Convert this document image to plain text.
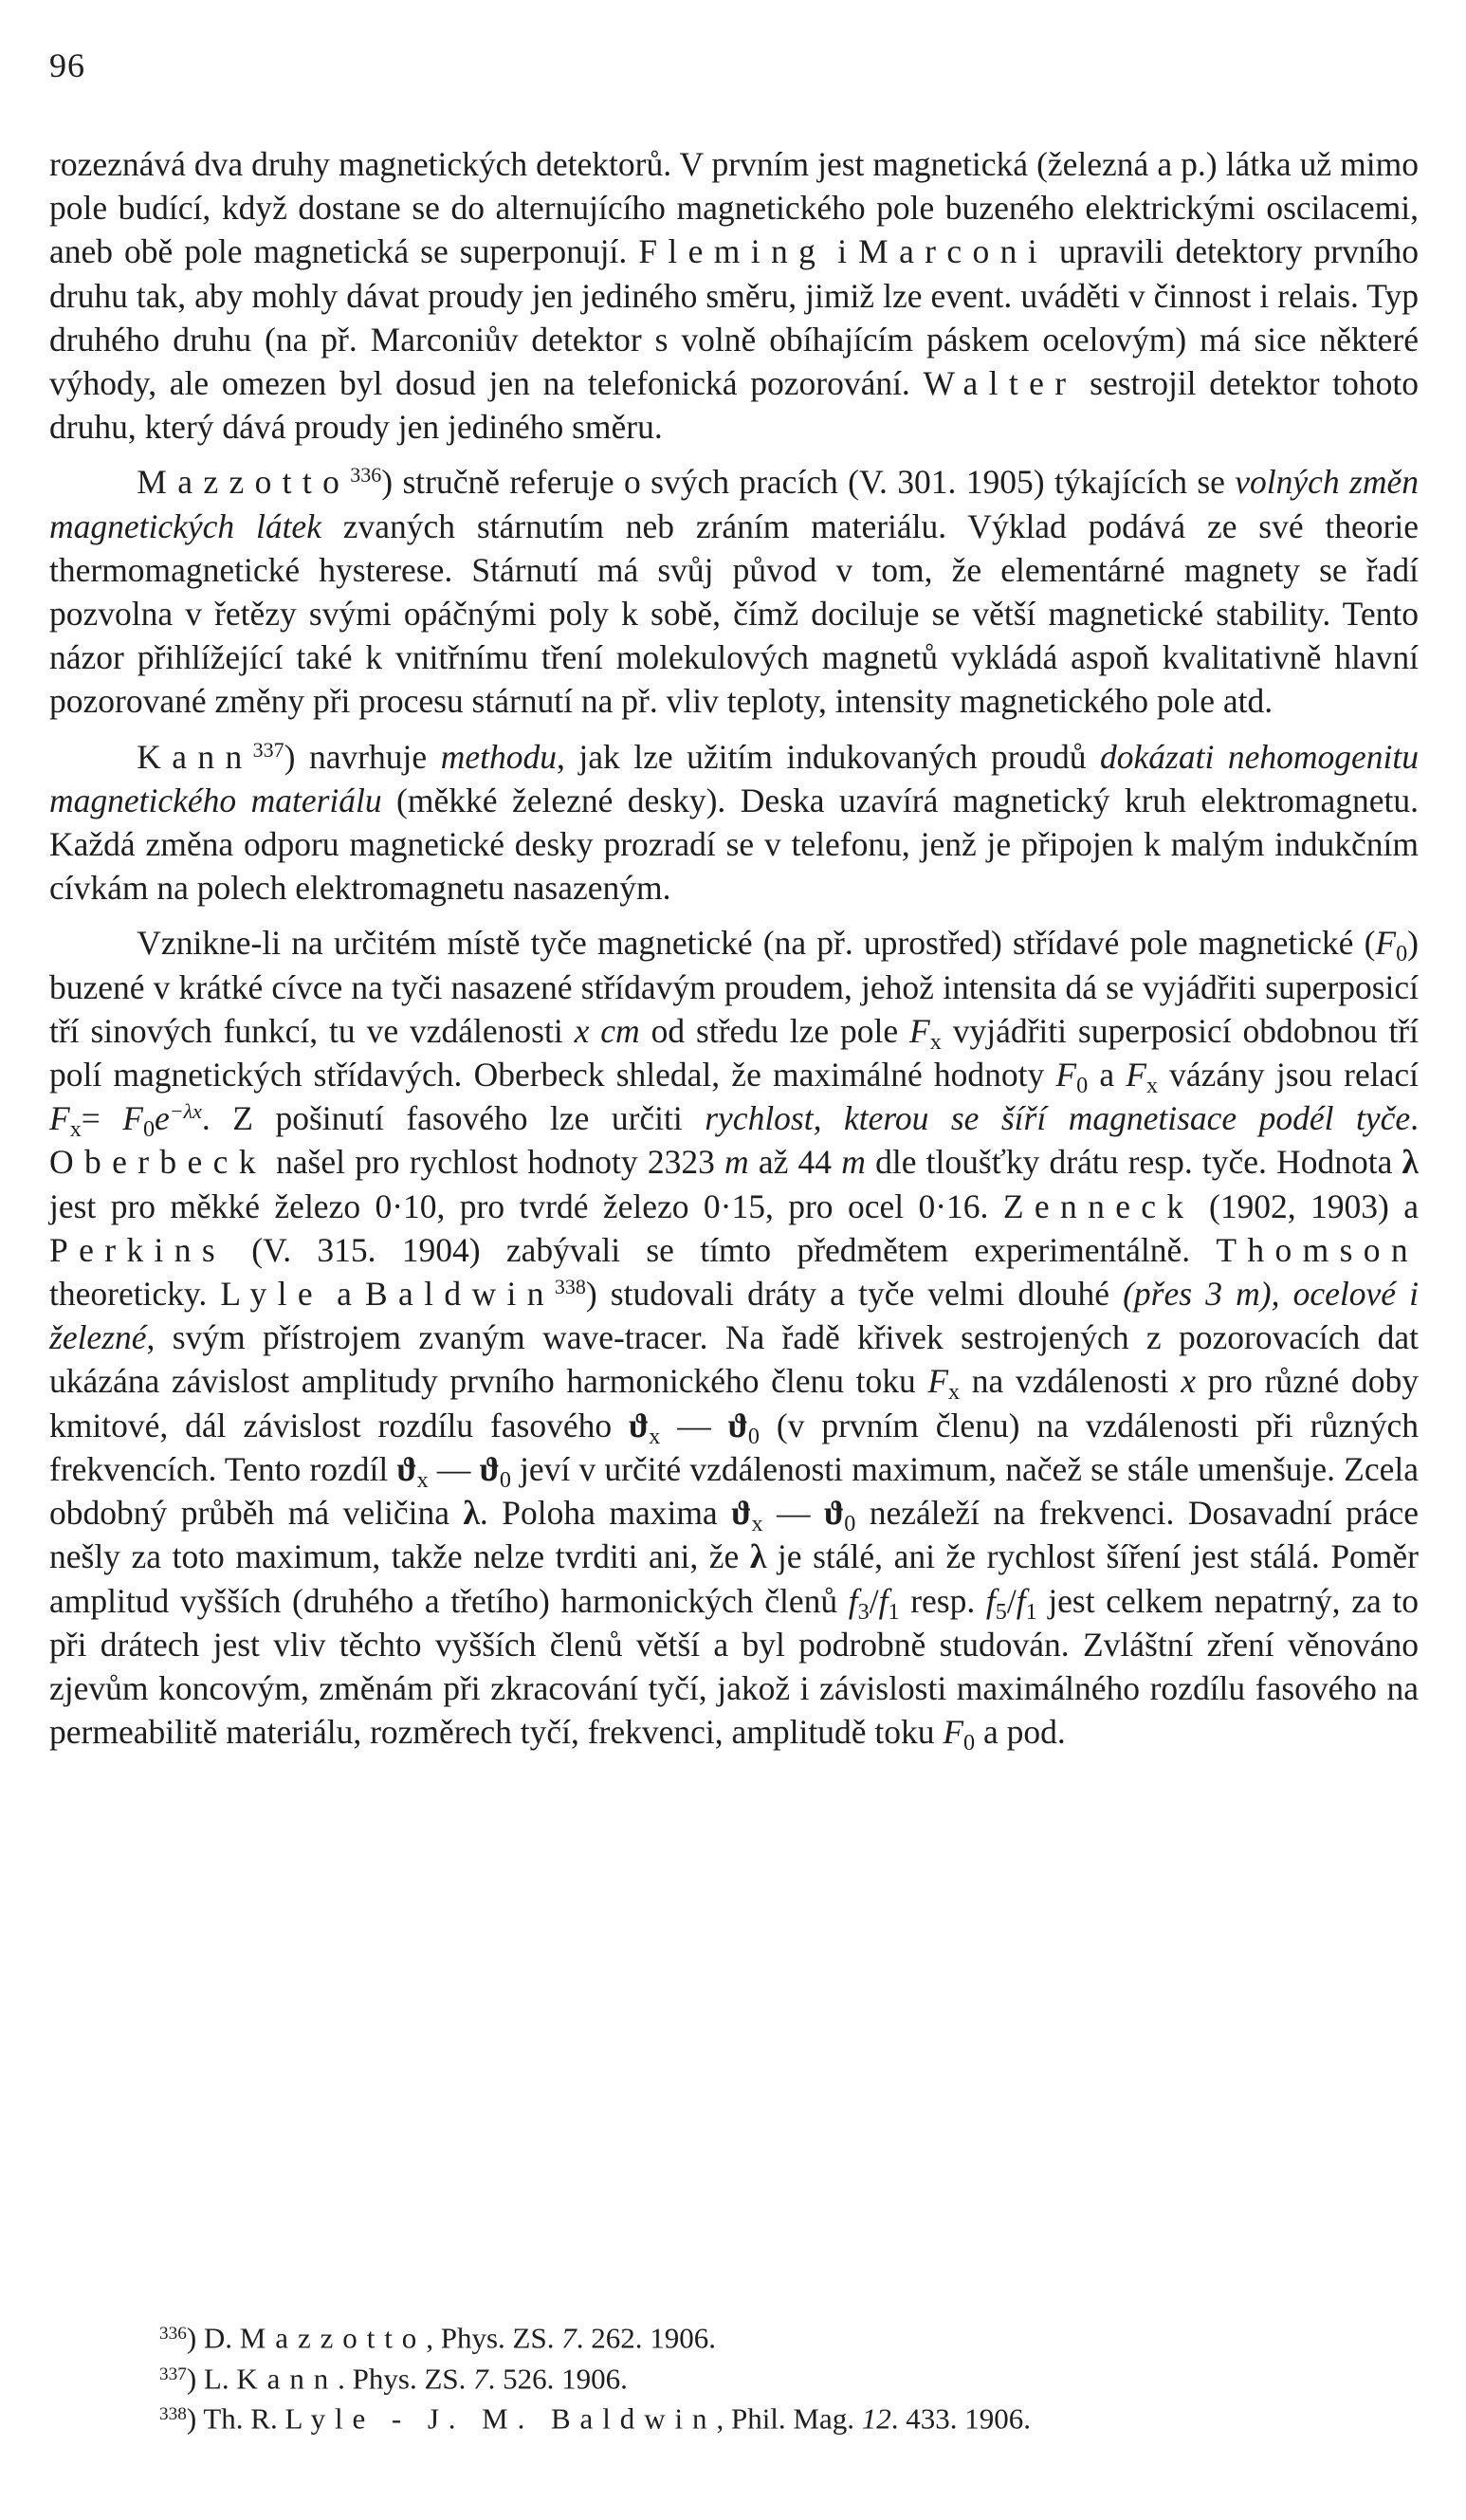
96

rozeznává dva druhy magnetických detektorů. V prvním jest magnetická (železná a p.) látka už mimo pole budící, když dostane se do alternujícího magnetického pole buzeného elektrickými oscilacemi, aneb obě pole magnetická se superponují. Fleming i Marconi upravili detektory prvního druhu tak, aby mohly dávat proudy jen jediného směru, jimiž lze event. uváděti v činnost i relais. Typ druhého druhu (na př. Marconiův detektor s volně obíhajícím páskem ocelovým) má sice některé výhody, ale omezen byl dosud jen na telefonická pozorování. Walter sestrojil detektor tohoto druhu, který dává proudy jen jediného směru.

Mazzotto$^{336}$) stručně referuje o svých pracích (V. 301. 1905) týkajících se volných změn magnetických látek zvaných stárnutím neb zráním materiálu. Výklad podává ze své theorie thermomagnetické hysterese. Stárnutí má svůj původ v tom, že elementárné magnety se řadí pozvolna v řetězy svými opáčnými poly k sobě, čímž dociluje se větší magnetické stability. Tento názor přihlížející také k vnitřnímu tření molekulových magnetů vykládá aspoň kvalitativně hlavní pozorované změny při procesu stárnutí na př. vliv teploty, intensity magnetického pole atd.

Kann$^{337}$) navrhuje methodu, jak lze užitím indukovaných proudů dokázati nehomogenitu magnetického materiálu (měkké železné desky). Deska uzavírá magnetický kruh elektromagnetu. Každá změna odporu magnetické desky prozradí se v telefonu, jenž je připojen k malým indukčním cívkám na polech elektromagnetu nasazeným.

Vznikne-li na určitém místě tyče magnetické (na př. uprostřed) střídavé pole magnetické $(F_0)$ buzené v krátké cívce na tyči nasazené střídavým proudem, jehož intensita dá se vyjádřiti superposicí tří sinových funkcí, tu ve vzdálenosti x cm od středu lze pole $F_x$ vyjádřiti superposicí obdobnou tří polí magnetických střídavých. Oberbeck shledal, že maximálné hodnoty $F_0$ a $F_x$ vázány jsou relací $F_x= F_0e^{-\lambda x}$. Z pošinutí fasového lze určiti rychlost, kterou se šíří magnetisace podél tyče. Oberbeck našel pro rychlost hodnoty 2323 m až 44 m dle tloušťky drátu resp. tyče. Hodnota λ jest pro měkké železo 0·10, pro tvrdé železo 0·15, pro ocel 0·16. Zenneck (1902, 1903) a Perkins (V. 315. 1904) zabývali se tímto předmětem experimentálně. Thomson theoreticky. Lyle a Baldwin$^{338}$) studovali dráty a tyče velmi dlouhé (přes 3 m), ocelové i železné, svým přístrojem zvaným wave-tracer. Na řadě křivek sestrojených z pozorovacích dat ukázána závislost amplitudy prvního harmonického členu toku $F_x$ na vzdálenosti x pro různé doby kmitové, dál závislost rozdílu fasového $ϑ_x$ — $ϑ_0$ (v prvním členu) na vzdálenosti při různých frekvencích. Tento rozdíl $ϑ_x$ — $ϑ_0$ jeví v určité vzdálenosti maximum, načež se stále umenšuje. Zcela obdobný průběh má veličina λ. Poloha maxima $ϑ_x$ — $ϑ_0$ nezáleží na frekvenci. Dosavadní práce nešly za toto maximum, takže nelze tvrditi ani, že λ je stálé, ani že rychlost šíření jest stálá. Poměr amplitud vyšších (druhého a třetího) harmonických členů $f_3/f_1$ resp. $f_5/f_1$ jest celkem nepatrný, za to při drátech jest vliv těchto vyšších členů větší a byl podrobně studován. Zvláštní zření věnováno zjevům koncovým, změnám při zkracování tyčí, jakož i závislosti maximálného rozdílu fasového na permeabilitě materiálu, rozměrech tyčí, frekvenci, amplitudě toku $F_0$ a pod.

$^{336}$) D. Mazzotto, Phys. ZS. 7. 262. 1906.
$^{337}$) L. Kann. Phys. ZS. 7. 526. 1906.
$^{338}$) Th. R. Lyle - J. M. Baldwin, Phil. Mag. 12. 433. 1906.
